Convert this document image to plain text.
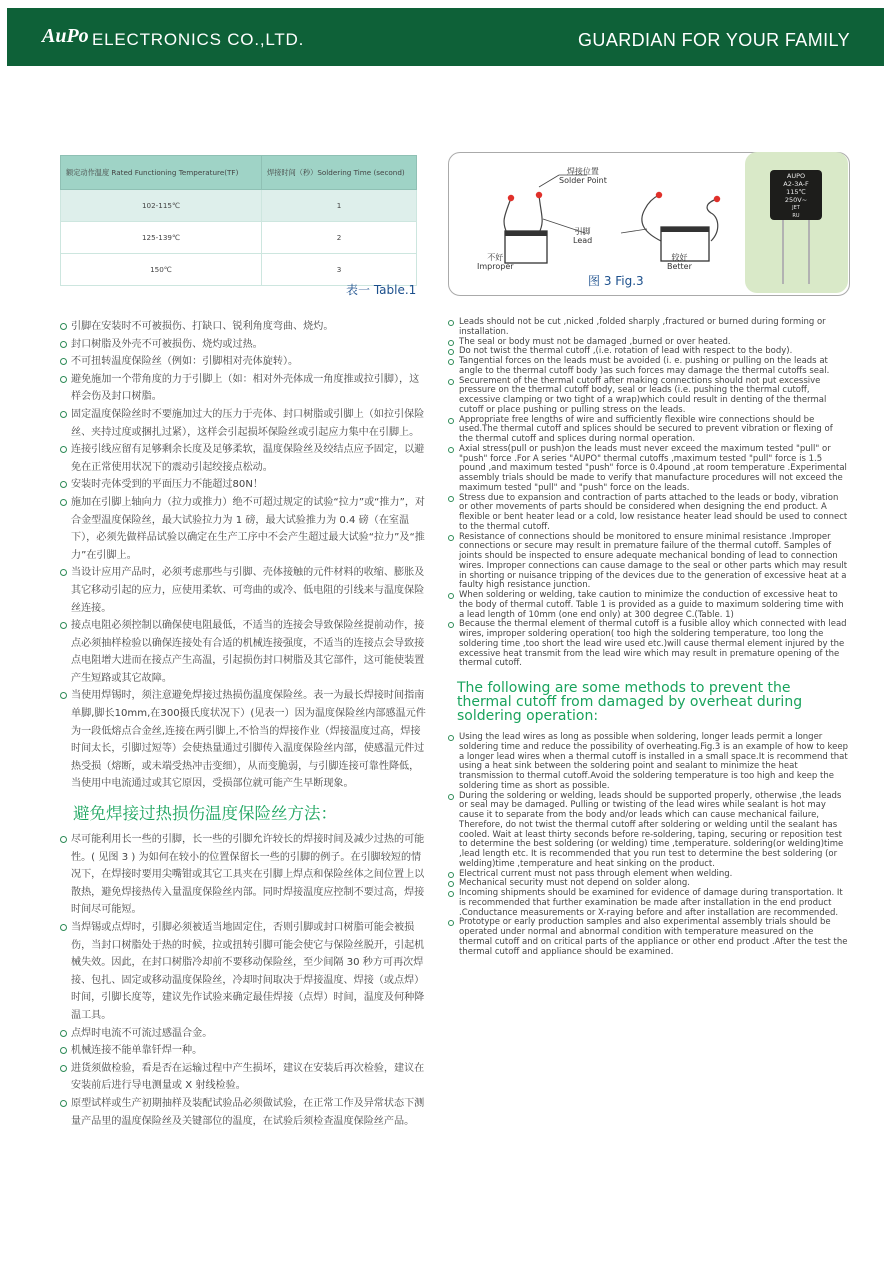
AuPo ELECTRONICS CO.,LTD.	GUARDIAN FOR YOUR FAMILY
额定动作温度 Rated Functioning Temperature(TF)	焊接时间（秒）Soldering Time (second)
102-115℃	1
125-139℃	2
150℃	3
表一 Table.1
焊接位置
Solder Point
引脚
Lead
不好
Improper
较好
Better
图 3 Fig.3
AUPO
A2-3A-F
115℃
250V~
JET
RU
引脚在安装时不可被损伤、打缺口、锐利角度弯曲、烧灼。
封口树脂及外壳不可被损伤、烧灼或过热。
不可扭转温度保险丝（例如：引脚相对壳体旋转）。
避免施加一个带角度的力于引脚上（如：相对外壳体成一角度推或拉引脚），这样会伤及封口树脂。
固定温度保险丝时不要施加过大的压力于壳体、封口树脂或引脚上（如拉引保险丝、夹持过度或捆扎过紧），这样会引起损坏保险丝或引起应力集中在引脚上。
连接引线应留有足够剩余长度及足够柔软，温度保险丝及绞结点应予固定，以避免在正常使用状况下的震动引起绞接点松动。
安装时壳体受到的平面压力不能超过80N！
施加在引脚上轴向力（拉力或推力）绝不可超过规定的试验“拉力”或“推力”，对合金型温度保险丝，最大试验拉力为 1 磅，最大试验推力为 0.4 磅（在室温下），必须先做样品试验以确定在生产工序中不会产生超过最大试验“拉力”及“推力”在引脚上。
当设计应用产品时，必须考虑那些与引脚、壳体接触的元件材料的收缩、膨胀及其它移动引起的应力，应使用柔软、可弯曲的或冷、低电阻的引线来与温度保险丝连接。
接点电阻必须控制以确保使电阻最低，不适当的连接会导致保险丝提前动作，接点必须抽样检验以确保连接处有合适的机械连接强度，不适当的连接点会导致接点电阻增大进而在接点产生高温，引起损伤封口树脂及其它部件，这可能使装置产生短路或其它故障。
当使用焊锡时，须注意避免焊接过热损伤温度保险丝。表一为最长焊接时间指南 单脚,脚长10mm,在300摄氏度状况下）(见表一）因为温度保险丝内部感温元件为一段低熔点合金丝,连接在两引脚上,不恰当的焊接作业（焊接温度过高，焊接时间太长，引脚过短等）会使热量通过引脚传入温度保险丝内部，使感温元件过热受损（熔断，或未端受热冲击变细），从而变脆弱，与引脚连接可靠性降低，当使用中电流通过或其它原因，受损部位就可能产生早断现象。
避免焊接过热损伤温度保险丝方法：
尽可能利用长一些的引脚，长一些的引脚允许较长的焊接时间及减少过热的可能性。( 见图 3 ) 为如何在较小的位置保留长一些的引脚的例子。在引脚较短的情况下，在焊接时要用尖嘴钳或其它工具夹在引脚上焊点和保险丝体之间位置上以散热，避免焊接热传入量温度保险丝内部。同时焊接温度应控制不要过高，焊接时间尽可能短。
当焊锡或点焊时，引脚必须被适当地固定住，否则引脚或封口树脂可能会被损伤，当封口树脂处于热的时候，拉或扭转引脚可能会使它与保险丝脱开，引起机械失效。因此，在封口树脂冷却前不要移动保险丝，至少间隔 30 秒方可再次焊接、包扎、固定或移动温度保险丝，冷却时间取决于焊接温度、焊接（或点焊）时间，引脚长度等，建议先作试验来确定最佳焊接（点焊）时间，温度及何种降温工具。
点焊时电流不可流过感温合金。
机械连接不能单靠钎焊一种。
进货须做检验，看是否在运输过程中产生损坏，建议在安装后再次检验，建议在安装前后进行导电测量或 X 射线检验。
原型试样或生产初期抽样及装配试验品必须做试验，在正常工作及异常状态下测量产品里的温度保险丝及关键部位的温度，在试验后须检查温度保险丝产品。
Leads should not be cut ,nicked ,folded sharply ,fractured or burned during forming or installation.
The seal or body must not be damaged ,burned or over heated.
Do not twist the thermal cutoff ,(i.e. rotation of lead with respect to the body).
Tangential forces on the leads must be avoided (i. e. pushing or pulling on the leads at angle to the thermal cutoff body )as such forces may damage the thermal cutoffs seal.
Securement of the thermal cutoff after making connections should not put excessive pressure on the thermal cutoff body, seal or leads (i.e. pushing the thermal cutoff, excessive clamping or two tight of a wrap)which could result in denting of the thermal cutoff or place pushing or pulling stress on the leads.
Appropriate free lengths of wire and sufficiently flexible wire connections should be used.The thermal cutoff and splices should be secured to prevent vibration or flexing of the thermal cutoff and splices during normal operation.
Axial stress(pull or push)on the leads must never exceed the maximum tested "pull" or "push" force .For A series "AUPO" thermal cutoffs ,maximum tested "pull" force is 1.5 pound ,and maximum tested "push" force is 0.4pound ,at room temperature .Experimental assembly trials should be made to verify that manufacture procedures will not exceed the maximum tested "pull" and "push" force on the leads.
Stress due to expansion and contraction of parts attached to the leads or body, vibration or other movements of parts should be considered when designing the end product. A flexible or bent heater lead or a cold, low resistance heater lead should be used to connect to the thermal cutoff.
Resistance of connections should be monitored to ensure minimal resistance .Improper connections or secure may result in premature failure of the thermal cutoff. Samples of joints should be inspected to ensure adequate mechanical bonding of lead to connection wires. Improper connections can cause damage to the seal or other parts which may result in shorting or nuisance tripping of the devices due to the generation of excessive heat at a faulty high resistance junction.
When soldering or welding, take caution to minimize the conduction of excessive heat to the body of thermal cutoff. Table 1 is provided as a guide to maximum soldering time with a lead length of 10mm (one end only) at 300 degree C.(Table. 1)
Because the thermal element of thermal cutoff is a fusible alloy which connected with lead wires, improper soldering operation( too high the soldering temperature, too long the soldering time ,too short the lead wire used etc.)will cause thermal element injured by the excessive heat transmit from the lead wire which may result in premature opening of the thermal cutoff.
The following are some methods to prevent the thermal cutoff from damaged by overheat during soldering operation:
Using the lead wires as long as possible when soldering, longer leads permit a longer soldering time and reduce the possibility of overheating.Fig.3 is an example of how to keep a longer lead wires when a thermal cutoff is installed in a small space.It is recommend that using a heat sink between the soldering point and sealant to minimize the heat transmission to thermal cutoff.Avoid the soldering temperature is too high and keep the soldering time as short as possible.
During the soldering or welding, leads should be supported properly, otherwise ,the leads or seal may be damaged. Pulling or twisting of the lead wires while sealant is hot may cause it to separate from the body and/or leads which can cause mechanical failure, Therefore, do not twist the thermal cutoff after soldering or welding until the sealant has cooled. Wait at least thirty seconds before re-soldering, taping, securing or reposition test to determine the best soldering (or welding) time ,temperature. soldering(or welding)time ,lead length etc. It is recommended that you run test to determine the best soldering (or welding)time ,temperature and heat sinking on the product.
Electrical current must not pass through element when welding.
Mechanical security must not depend on solder along.
Incoming shipments should be examined for evidence of damage during transportation. It is recommended that further examination be made after installation in the end product .Conductance measurements or X-raying before and after installation are recommended.
Prototype or early production samples and also experimental assembly trials should be operated under normal and abnormal condition with temperature measured on the thermal cutoff and on critical parts of the appliance or other end product .After the test the thermal cutoff and appliance should be examined.
